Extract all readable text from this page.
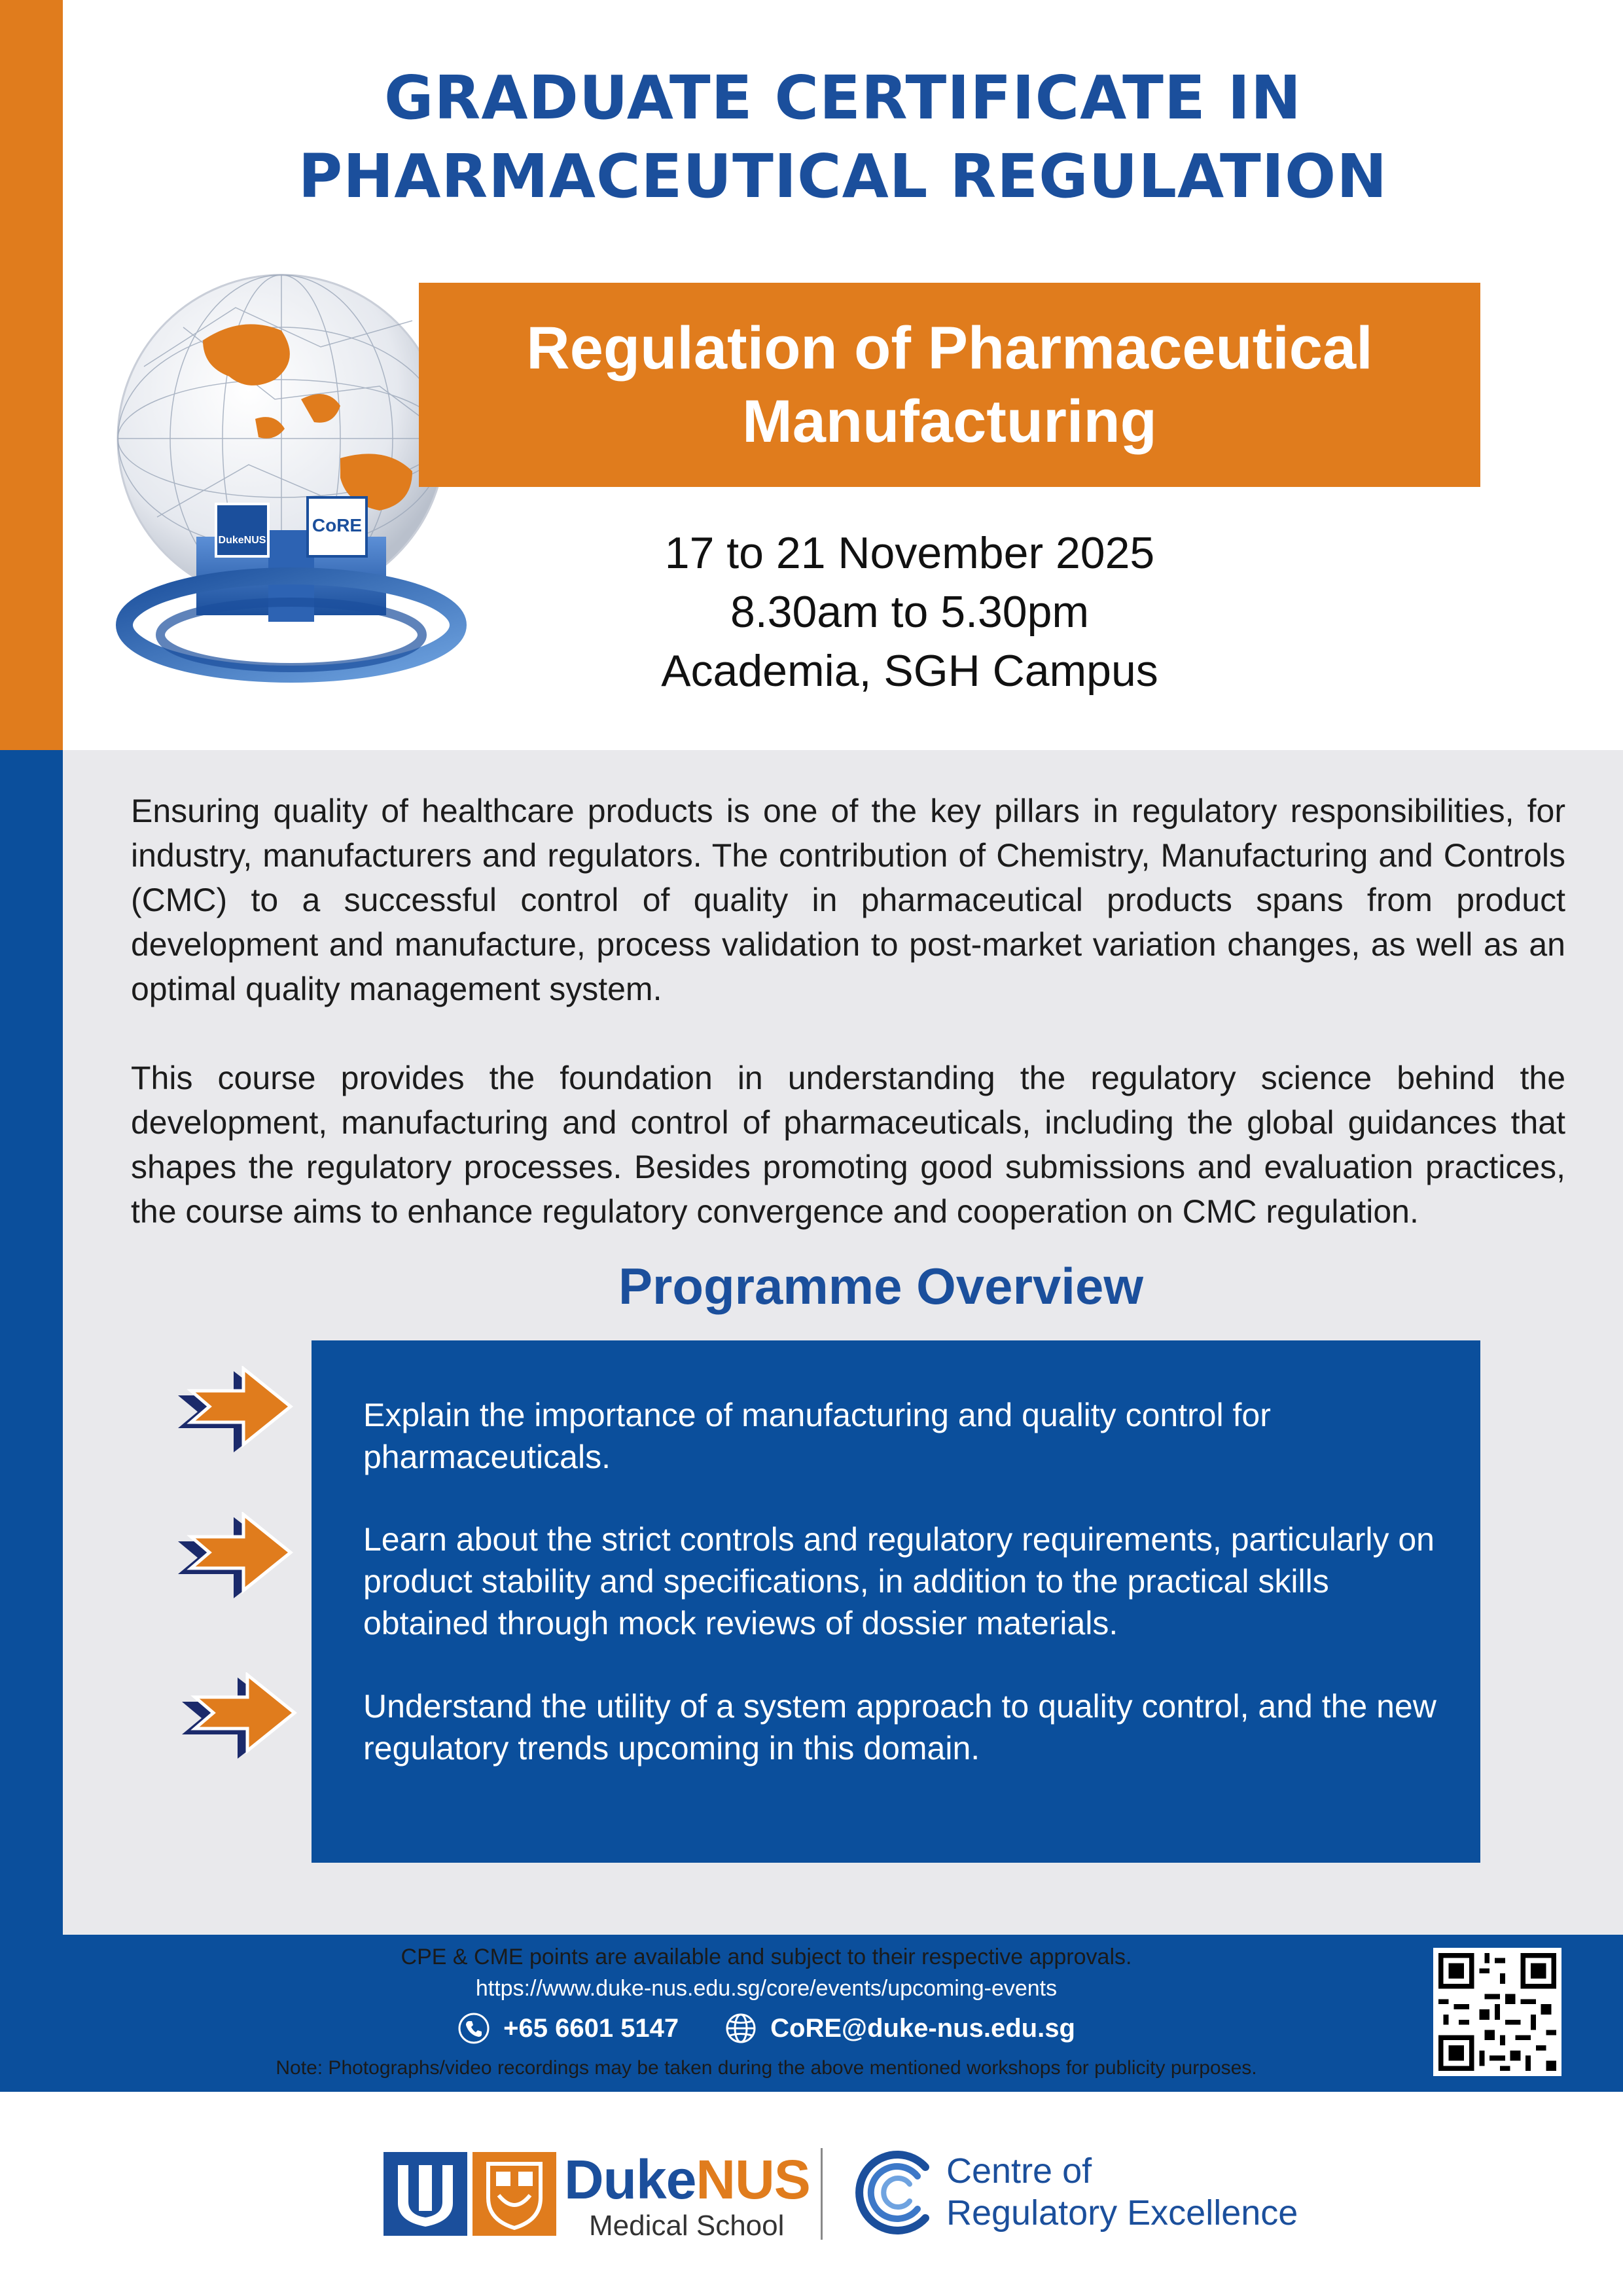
GRADUATE CERTIFICATE IN
PHARMACEUTICAL REGULATION
DukeNUS
CoRE
Regulation of Pharmaceutical
Manufacturing
17 to 21 November 2025
8.30am to 5.30pm
Academia, SGH Campus

Ensuring quality of healthcare products is one of the key pillars in regulatory responsibilities, for industry, manufacturers and regulators. The contribution of Chemistry, Manufacturing and Controls (CMC) to a successful control of quality in pharmaceutical products spans from product development and manufacture, process validation to post-market variation changes, as well as an optimal quality management system.

This course provides the foundation in understanding the regulatory science behind the development, manufacturing and control of pharmaceuticals, including the global guidances that shapes the regulatory processes. Besides promoting good submissions and evaluation practices, the course aims to enhance regulatory convergence and cooperation on CMC regulation.

Programme Overview
Explain the importance of manufacturing and quality control for pharmaceuticals.
Learn about the strict controls and regulatory requirements, particularly on product stability and specifications, in addition to the practical skills obtained through mock reviews of dossier materials.
Understand the utility of a system approach to quality control, and the new regulatory trends upcoming in this domain.
CPE & CME points are available and subject to their respective approvals.
https://www.duke-nus.edu.sg/core/events/upcoming-events
+65 6601 5147	CoRE@duke-nus.edu.sg
Note: Photographs/video recordings may be taken during the above mentioned workshops for publicity purposes.
DukeNUS
Medical School
Centre of
Regulatory Excellence
